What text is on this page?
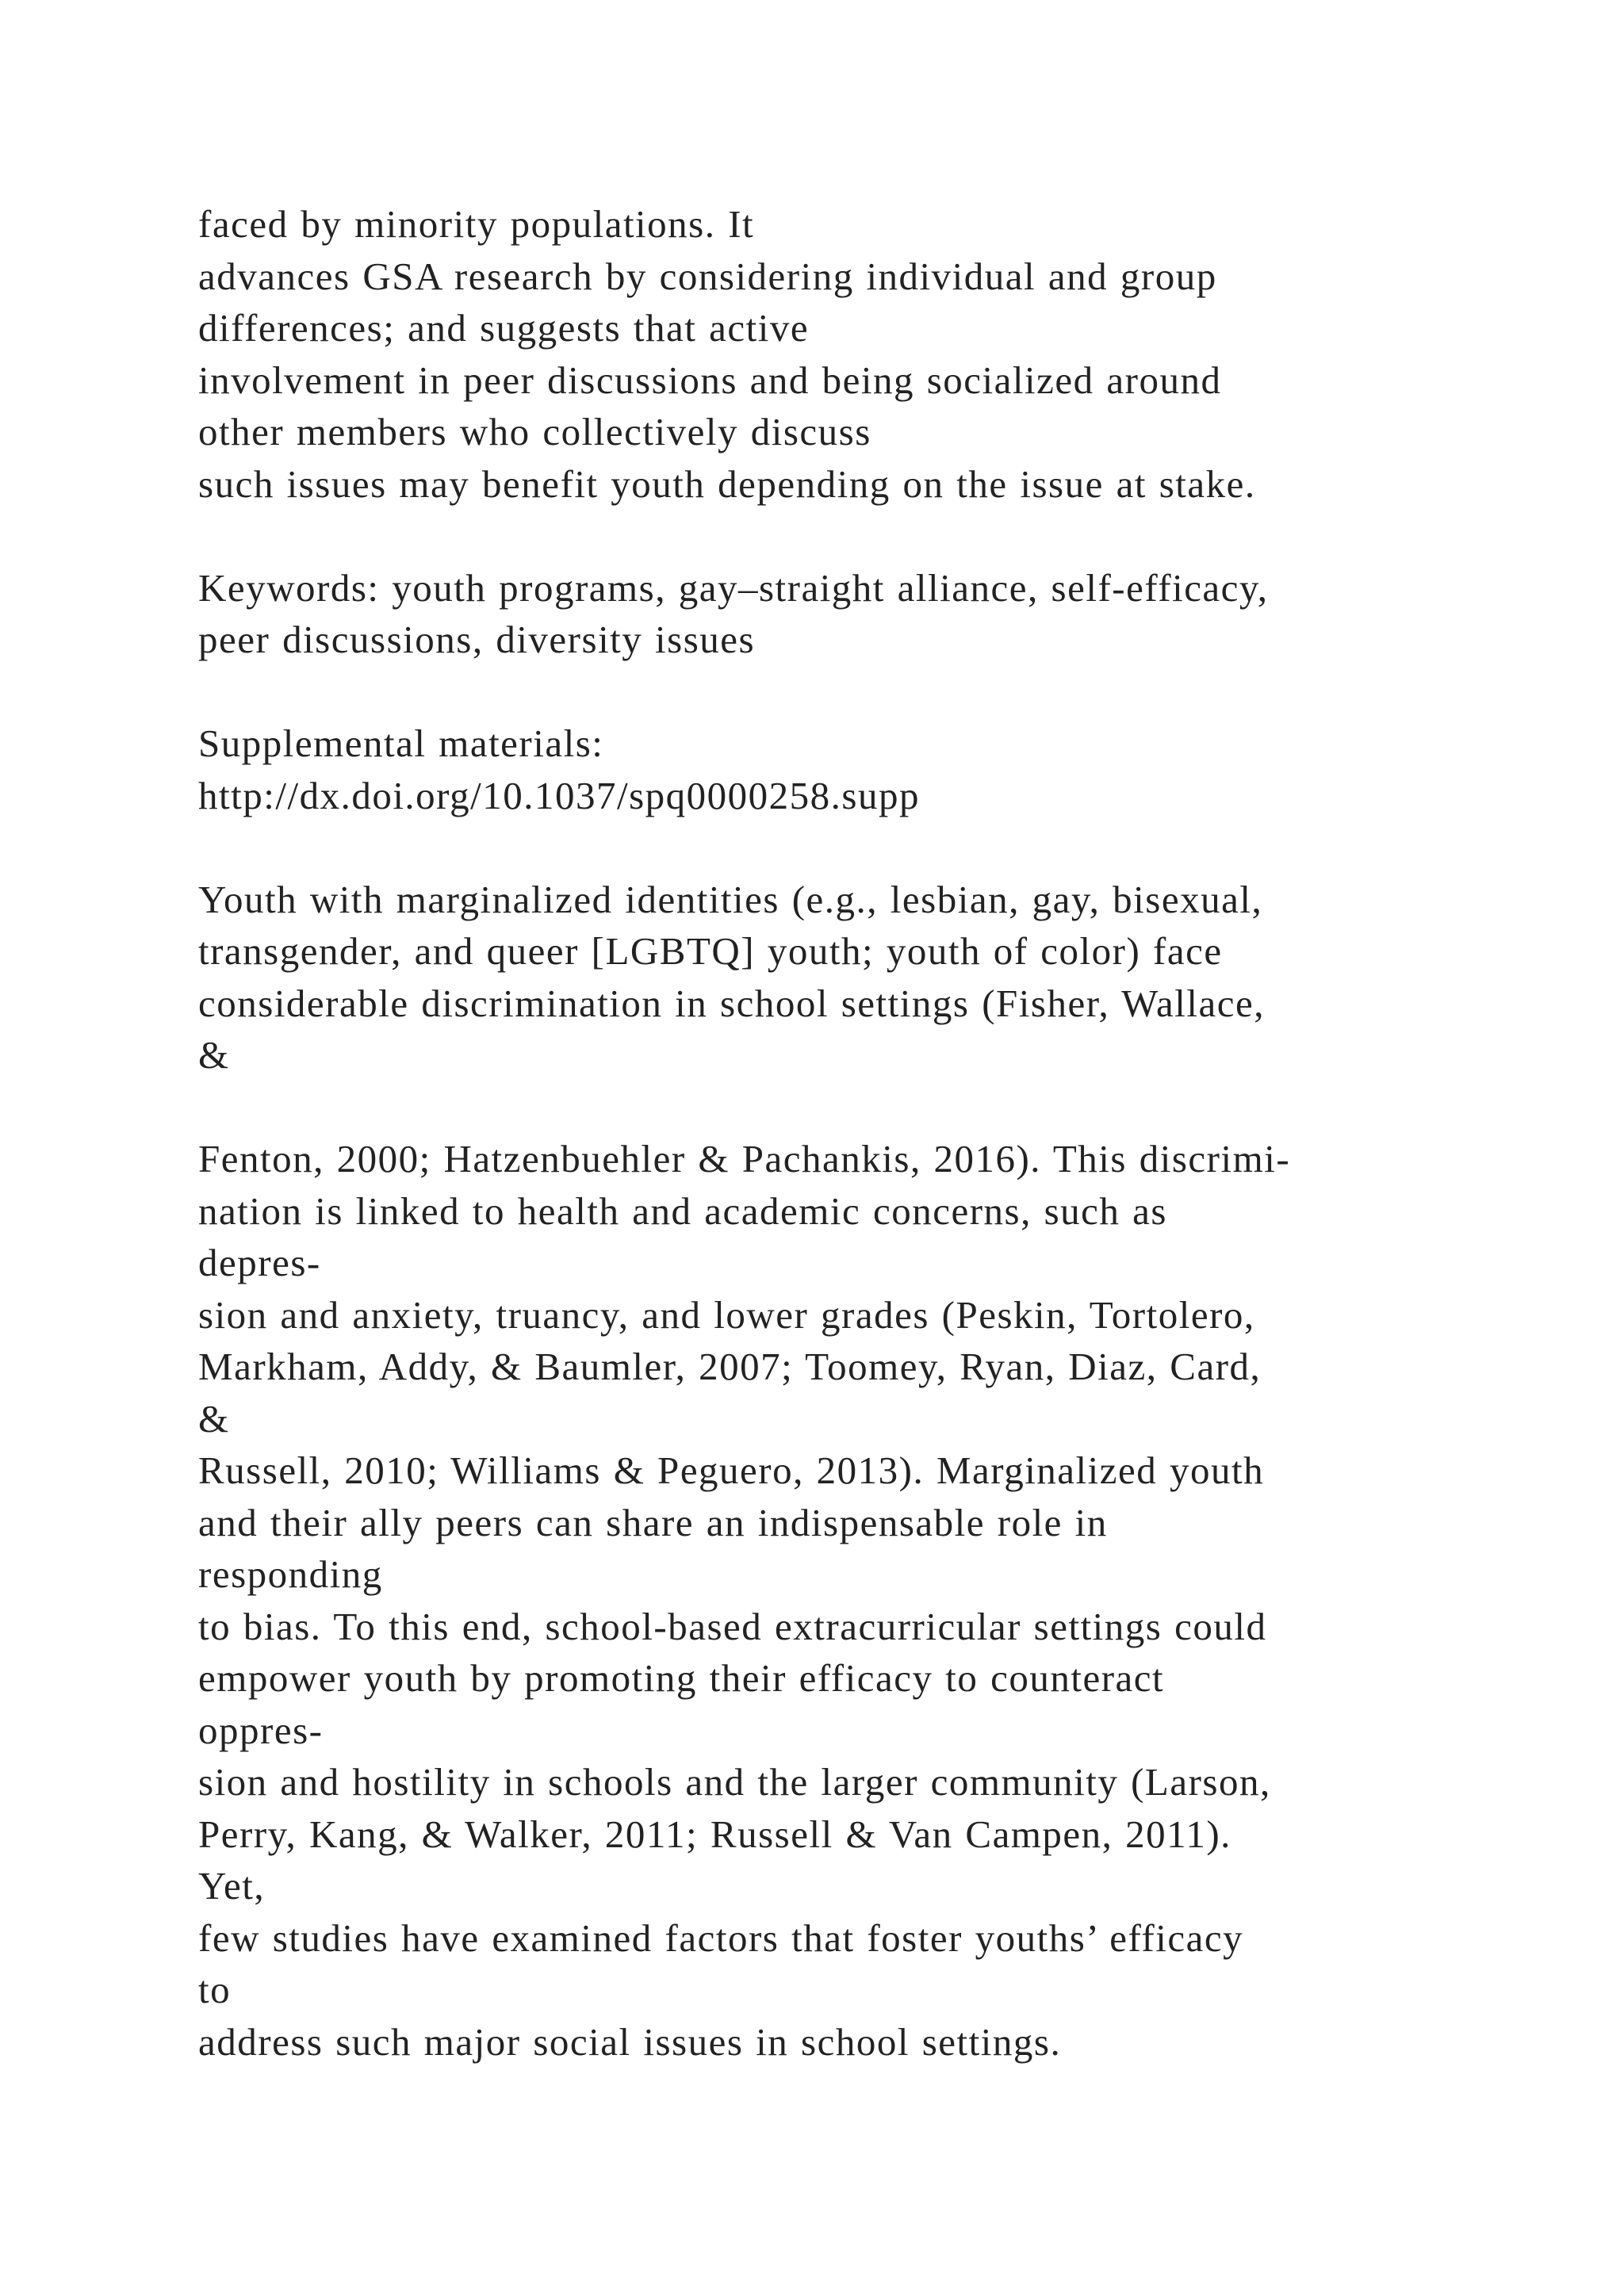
faced by minority populations. It
advances GSA research by considering individual and group
differences; and suggests that active
involvement in peer discussions and being socialized around
other members who collectively discuss
such issues may benefit youth depending on the issue at stake.
Keywords: youth programs, gay–straight alliance, self-efficacy,
peer discussions, diversity issues
Supplemental materials:
http://dx.doi.org/10.1037/spq0000258.supp
Youth with marginalized identities (e.g., lesbian, gay, bisexual,
transgender, and queer [LGBTQ] youth; youth of color) face
considerable discrimination in school settings (Fisher, Wallace,
&
Fenton, 2000; Hatzenbuehler & Pachankis, 2016). This discrimi-
nation is linked to health and academic concerns, such as
depres-
sion and anxiety, truancy, and lower grades (Peskin, Tortolero,
Markham, Addy, & Baumler, 2007; Toomey, Ryan, Diaz, Card,
&
Russell, 2010; Williams & Peguero, 2013). Marginalized youth
and their ally peers can share an indispensable role in
responding
to bias. To this end, school-based extracurricular settings could
empower youth by promoting their efficacy to counteract
oppres-
sion and hostility in schools and the larger community (Larson,
Perry, Kang, & Walker, 2011; Russell & Van Campen, 2011).
Yet,
few studies have examined factors that foster youths’ efficacy
to
address such major social issues in school settings.
